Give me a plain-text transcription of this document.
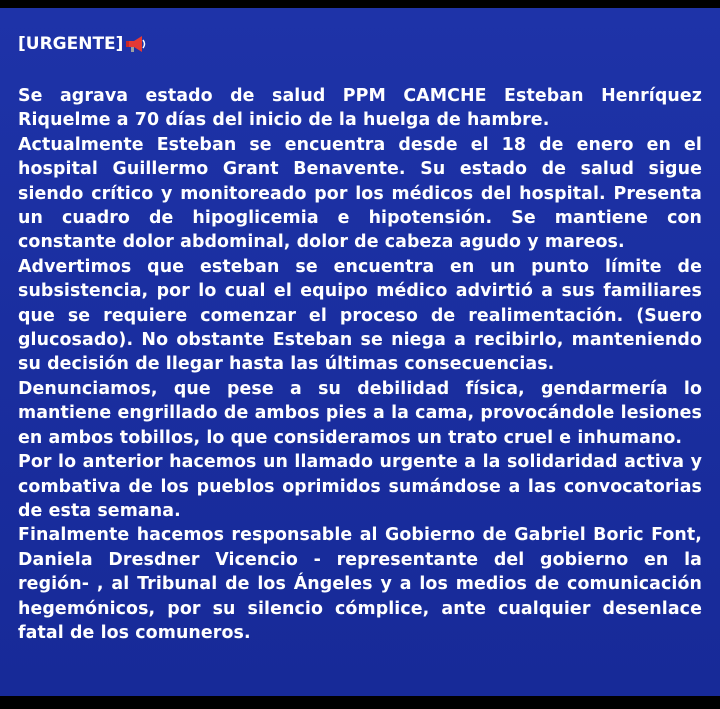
[URGENTE]

Se agrava estado de salud PPM CAMCHE Esteban Henríquez Riquelme a 70 días del inicio de la huelga de hambre.

Actualmente Esteban se encuentra desde el 18 de enero en el hospital Guillermo Grant Benavente. Su estado de salud sigue siendo crítico y monitoreado por los médicos del hospital. Presenta un cuadro de hipoglicemia e hipotensión. Se mantiene con constante dolor abdominal, dolor de cabeza agudo y mareos.

Advertimos que esteban se encuentra en un punto límite de subsistencia, por lo cual el equipo médico advirtió a sus familiares que se requiere comenzar el proceso de realimentación. (Suero glucosado). No obstante Esteban se niega a recibirlo, manteniendo su decisión de llegar hasta las últimas consecuencias.

Denunciamos, que pese a su debilidad física, gendarmería lo mantiene engrillado de ambos pies a la cama, provocándole lesiones en ambos tobillos, lo que consideramos un trato cruel e inhumano.

Por lo anterior hacemos un llamado urgente a la solidaridad activa y combativa de los pueblos oprimidos sumándose a las convocatorias de esta semana.

Finalmente hacemos responsable al Gobierno de Gabriel Boric Font, Daniela Dresdner Vicencio - representante del gobierno en la región- , al Tribunal de los Ángeles y a los medios de comunicación hegemónicos, por su silencio cómplice, ante cualquier desenlace fatal de los comuneros.
